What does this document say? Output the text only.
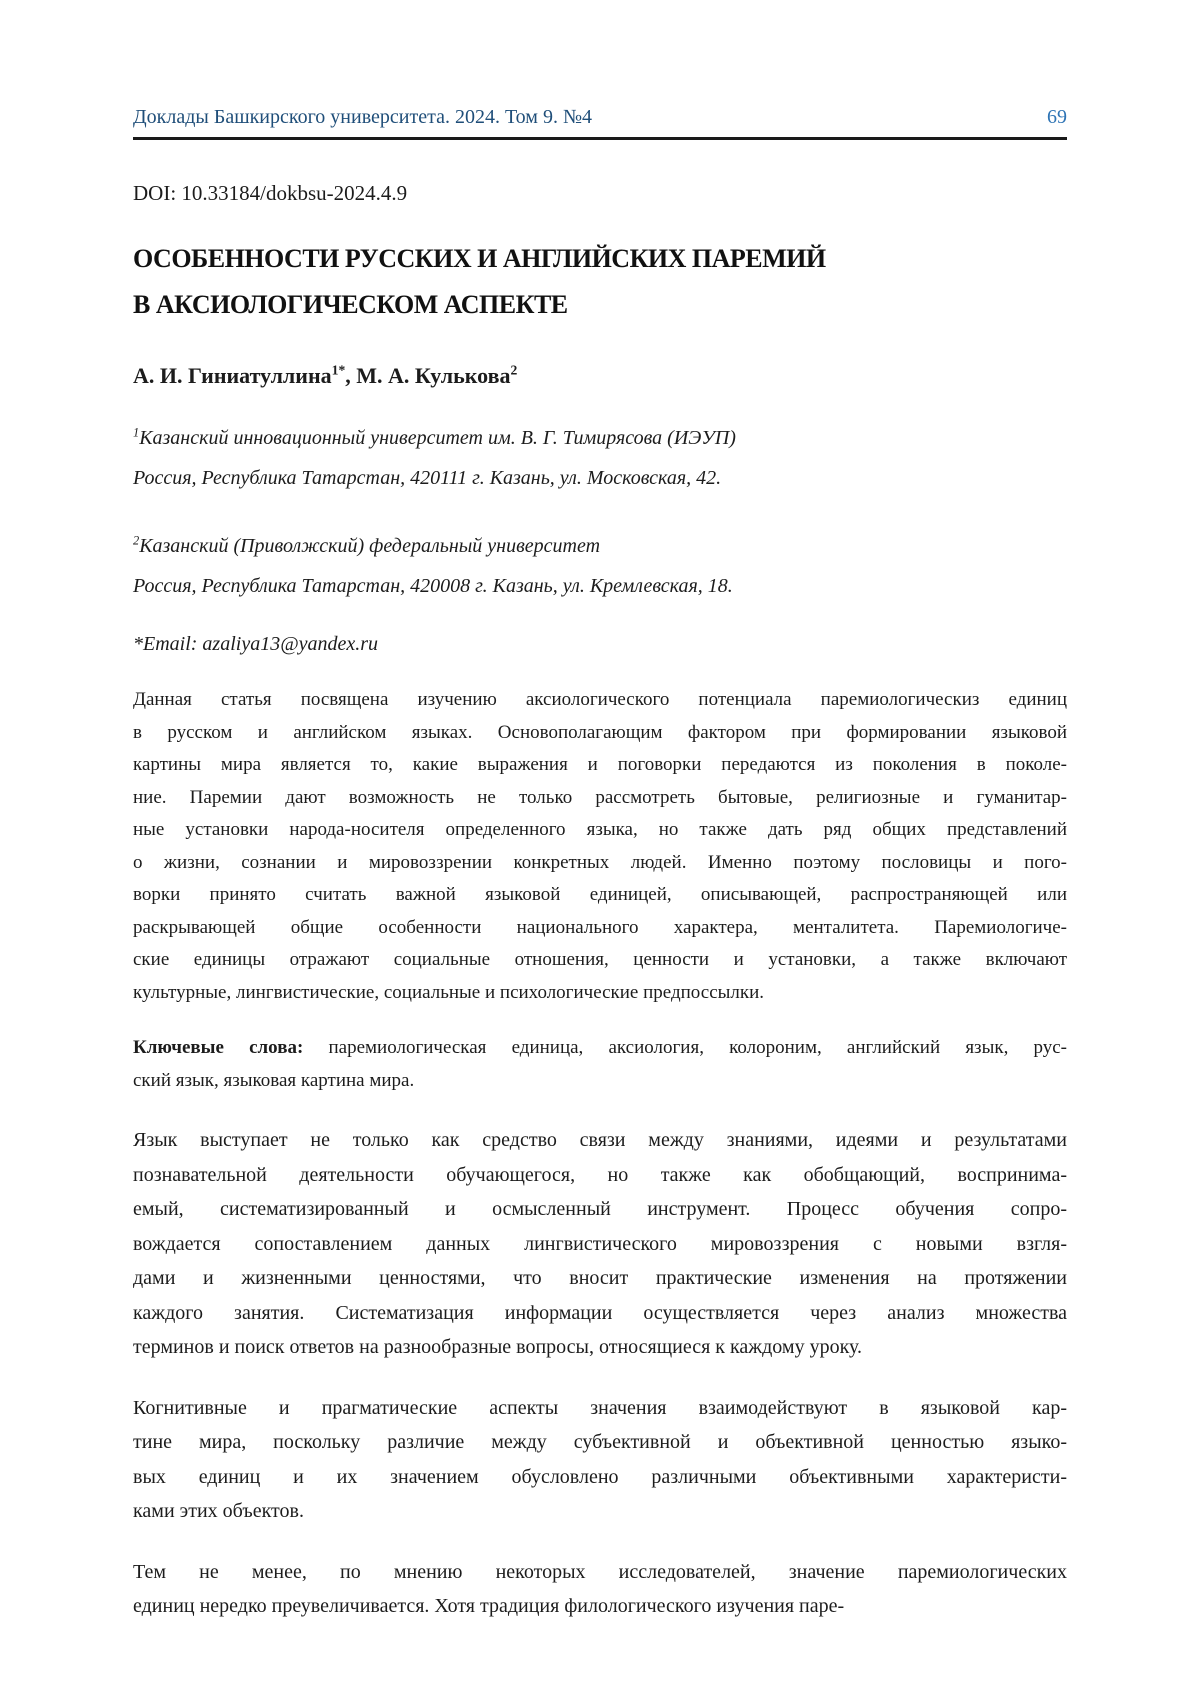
Доклады Башкирского университета. 2024. Том 9. №4	69

DOI: 10.33184/dokbsu-2024.4.9

ОСОБЕННОСТИ РУССКИХ И АНГЛИЙСКИХ ПАРЕМИЙ
В АКСИОЛОГИЧЕСКОМ АСПЕКТЕ

А. И. Гиниатуллина$^{1*}$, М. А. Кулькова$^2$

$^1$Казанский инновационный университет им. В. Г. Тимирясова (ИЭУП)
Россия, Республика Татарстан, 420111 г. Казань, ул. Московская, 42.
$^2$Казанский (Приволжский) федеральный университет
Россия, Республика Татарстан, 420008 г. Казань, ул. Кремлевская, 18.

*Email: azaliya13@yandex.ru

Данная статья посвящена изучению аксиологического потенциала паремиологическиз единиц
в русском и английском языках. Основополагающим фактором при формировании языковой
картины мира является то, какие выражения и поговорки передаются из поколения в поколе-
ние. Паремии дают возможность не только рассмотреть бытовые, религиозные и гуманитар-
ные установки народа-носителя определенного языка, но также дать ряд общих представлений
о жизни, сознании и мировоззрении конкретных людей. Именно поэтому пословицы и пого-
ворки принято считать важной языковой единицей, описывающей, распространяющей или
раскрывающей общие особенности национального характера, менталитета. Паремиологиче-
ские единицы отражают социальные отношения, ценности и установки, а также включают
культурные, лингвистические, социальные и психологические предпоссылки.
Ключевые слова: паремиологическая единица, аксиология, колороним, английский язык, рус-
ский язык, языковая картина мира.
Язык выступает не только как средство связи между знаниями, идеями и результатами
познавательной деятельности обучающегося, но также как обобщающий, воспринима-
емый, систематизированный и осмысленный инструмент. Процесс обучения сопро-
вождается сопоставлением данных лингвистического мировоззрения с новыми взгля-
дами и жизненными ценностями, что вносит практические изменения на протяжении
каждого занятия. Систематизация информации осуществляется через анализ множества
терминов и поиск ответов на разнообразные вопросы, относящиеся к каждому уроку.
Когнитивные и прагматические аспекты значения взаимодействуют в языковой кар-
тине мира, поскольку различие между субъективной и объективной ценностью языко-
вых единиц и их значением обусловлено различными объективными характеристи-
ками этих объектов.
Тем не менее, по мнению некоторых исследователей, значение паремиологических
единиц нередко преувеличивается. Хотя традиция филологического изучения паре-
